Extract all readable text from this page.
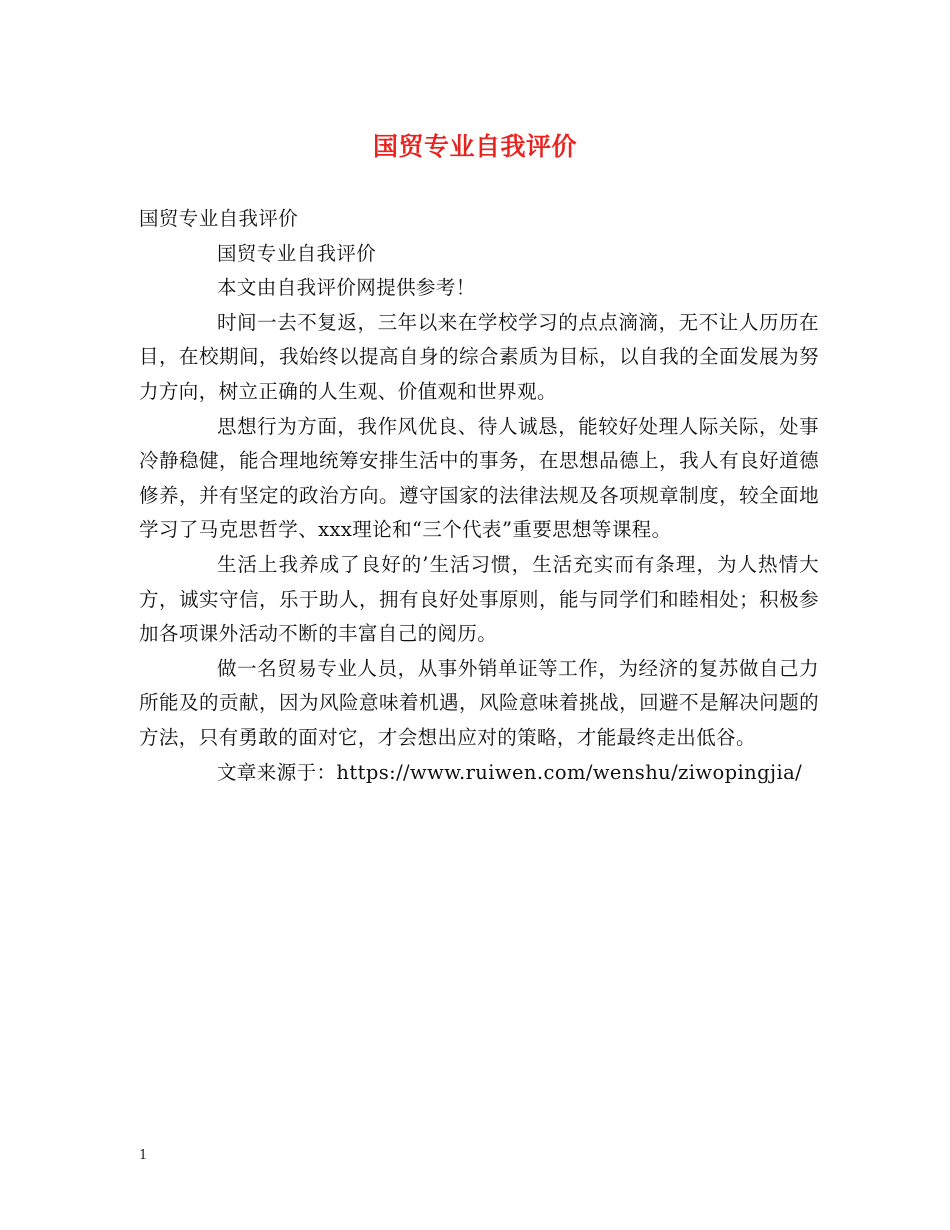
国贸专业自我评价

国贸专业自我评价

国贸专业自我评价

本文由自我评价网提供参考！

时间一去不复返，三年以来在学校学习的点点滴滴，无不让人历历在目，在校期间，我始终以提高自身的综合素质为目标，以自我的全面发展为努力方向，树立正确的人生观、价值观和世界观。

思想行为方面，我作风优良、待人诚恳，能较好处理人际关际，处事冷静稳健，能合理地统筹安排生活中的事务，在思想品德上，我人有良好道德修养，并有坚定的政治方向。遵守国家的法律法规及各项规章制度，较全面地学习了马克思哲学、xxx理论和“三个代表”重要思想等课程。

生活上我养成了良好的’生活习惯，生活充实而有条理，为人热情大方，诚实守信，乐于助人，拥有良好处事原则，能与同学们和睦相处；积极参加各项课外活动不断的丰富自己的阅历。

做一名贸易专业人员，从事外销单证等工作，为经济的复苏做自己力所能及的贡献，因为风险意味着机遇，风险意味着挑战，回避不是解决问题的方法，只有勇敢的面对它，才会想出应对的策略，才能最终走出低谷。

文章来源于：https://www.ruiwen.com/wenshu/ziwopingjia/

1
